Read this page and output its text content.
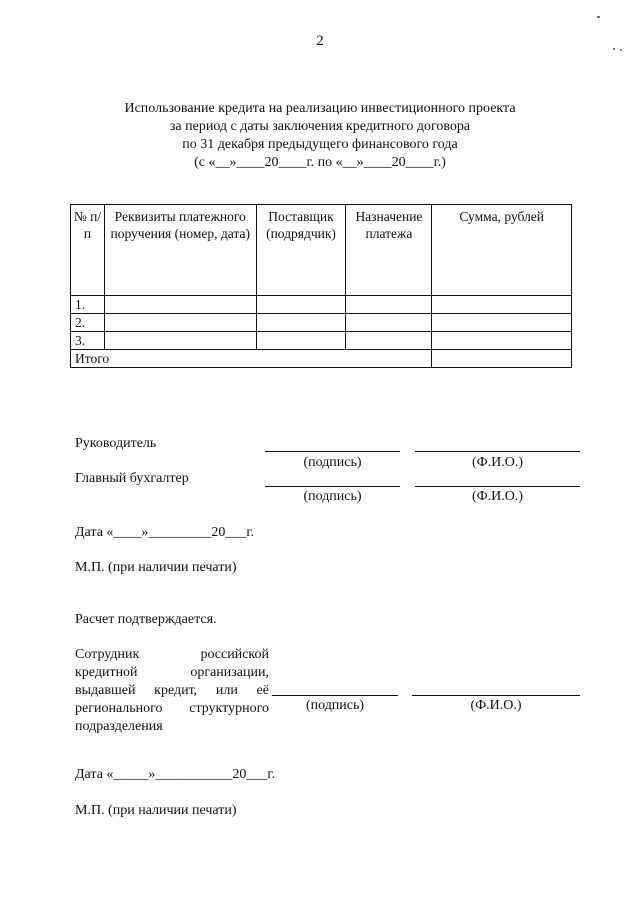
2
Использование кредита на реализацию инвестиционного проекта
за период с даты заключения кредитного договора
по 31 декабря предыдущего финансового года
(с «__»____20____г. по «__»____20____г.)
№ п/п	Реквизиты платежного поручения (номер, дата)	Поставщик (подрядчик)	Назначение платежа	Сумма, рублей
1.				
2.				
3.				
Итого				
Руководитель
(подпись)	(Ф.И.О.)
Главный бухгалтер
(подпись)	(Ф.И.О.)
Дата «____»_________20___г.
М.П. (при наличии печати)
Расчет подтверждается.
Сотрудник российской
кредитной организации,
выдавшей кредит, или её
регионального структурного
подразделения
(подпись)	(Ф.И.О.)
Дата «_____»___________20___г.
М.П. (при наличии печати)
